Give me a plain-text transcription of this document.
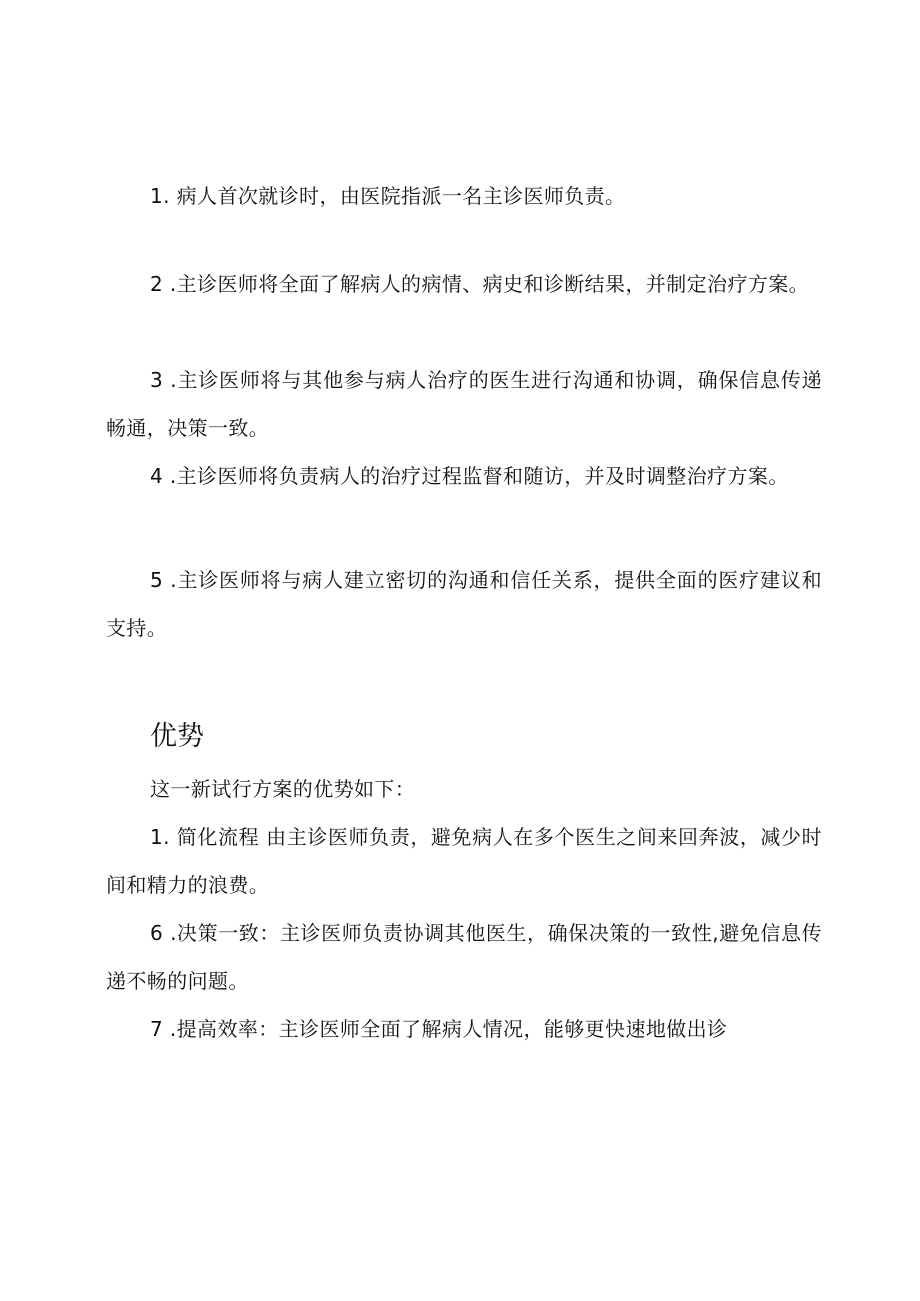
1. 病人首次就诊时，由医院指派一名主诊医师负责。

2 .主诊医师将全面了解病人的病情、病史和诊断结果，并制定治疗方案。

3 .主诊医师将与其他参与病人治疗的医生进行沟通和协调，确保信息传递畅通，决策一致。

4 .主诊医师将负责病人的治疗过程监督和随访，并及时调整治疗方案。

5 .主诊医师将与病人建立密切的沟通和信任关系，提供全面的医疗建议和支持。

优势

这一新试行方案的优势如下：

1. 简化流程 由主诊医师负责，避免病人在多个医生之间来回奔波，减少时间和精力的浪费。

6 .决策一致：主诊医师负责协调其他医生，确保决策的一致性,避免信息传递不畅的问题。

7 .提高效率：主诊医师全面了解病人情况，能够更快速地做出诊
